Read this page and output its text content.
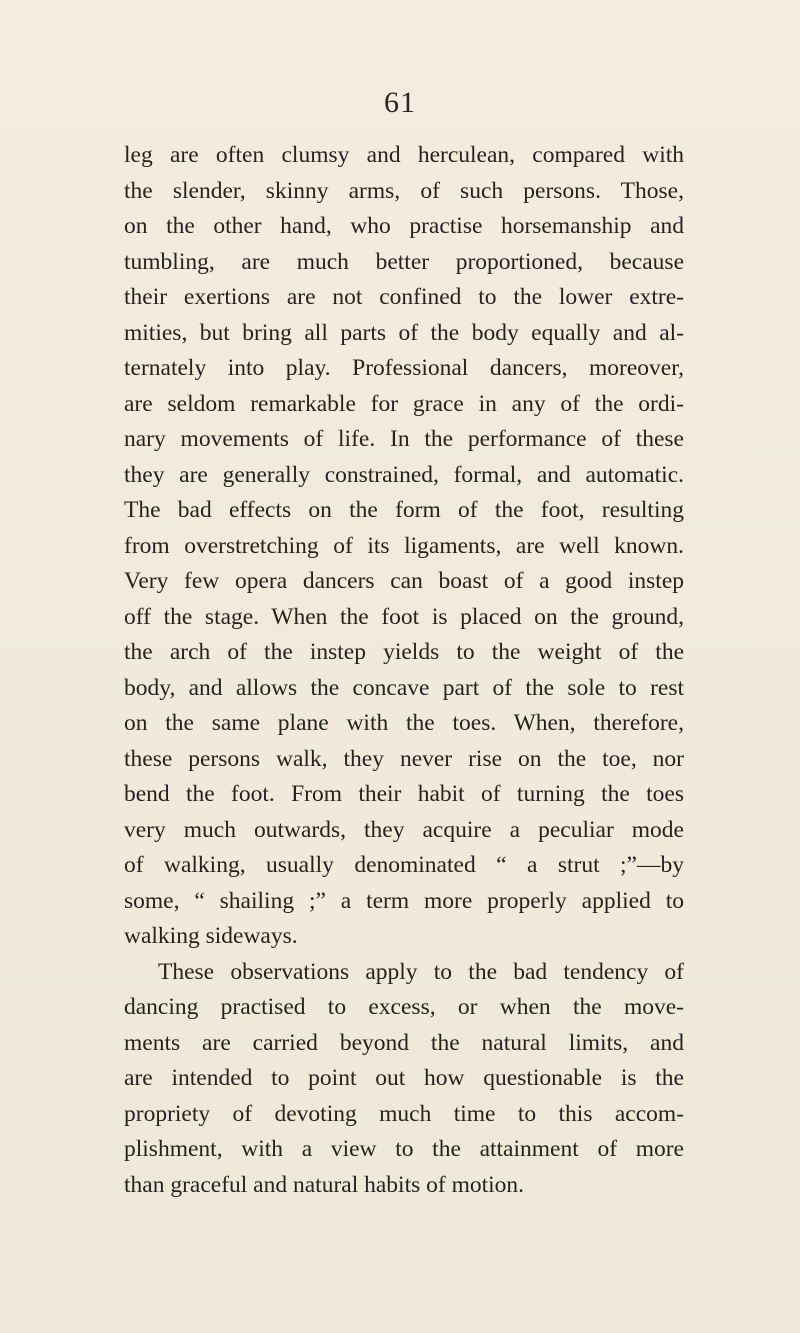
61
leg are often clumsy and herculean, compared with
the slender, skinny arms, of such persons. Those,
on the other hand, who practise horsemanship and
tumbling, are much better proportioned, because
their exertions are not confined to the lower extre-
mities, but bring all parts of the body equally and al-
ternately into play. Professional dancers, moreover,
are seldom remarkable for grace in any of the ordi-
nary movements of life. In the performance of these
they are generally constrained, formal, and automatic.
The bad effects on the form of the foot, resulting
from overstretching of its ligaments, are well known.
Very few opera dancers can boast of a good instep
off the stage. When the foot is placed on the ground,
the arch of the instep yields to the weight of the
body, and allows the concave part of the sole to rest
on the same plane with the toes. When, therefore,
these persons walk, they never rise on the toe, nor
bend the foot. From their habit of turning the toes
very much outwards, they acquire a peculiar mode
of walking, usually denominated “ a strut ;”—by
some, “ shailing ;” a term more properly applied to
walking sideways.
These observations apply to the bad tendency of
dancing practised to excess, or when the move-
ments are carried beyond the natural limits, and
are intended to point out how questionable is the
propriety of devoting much time to this accom-
plishment, with a view to the attainment of more
than graceful and natural habits of motion.
